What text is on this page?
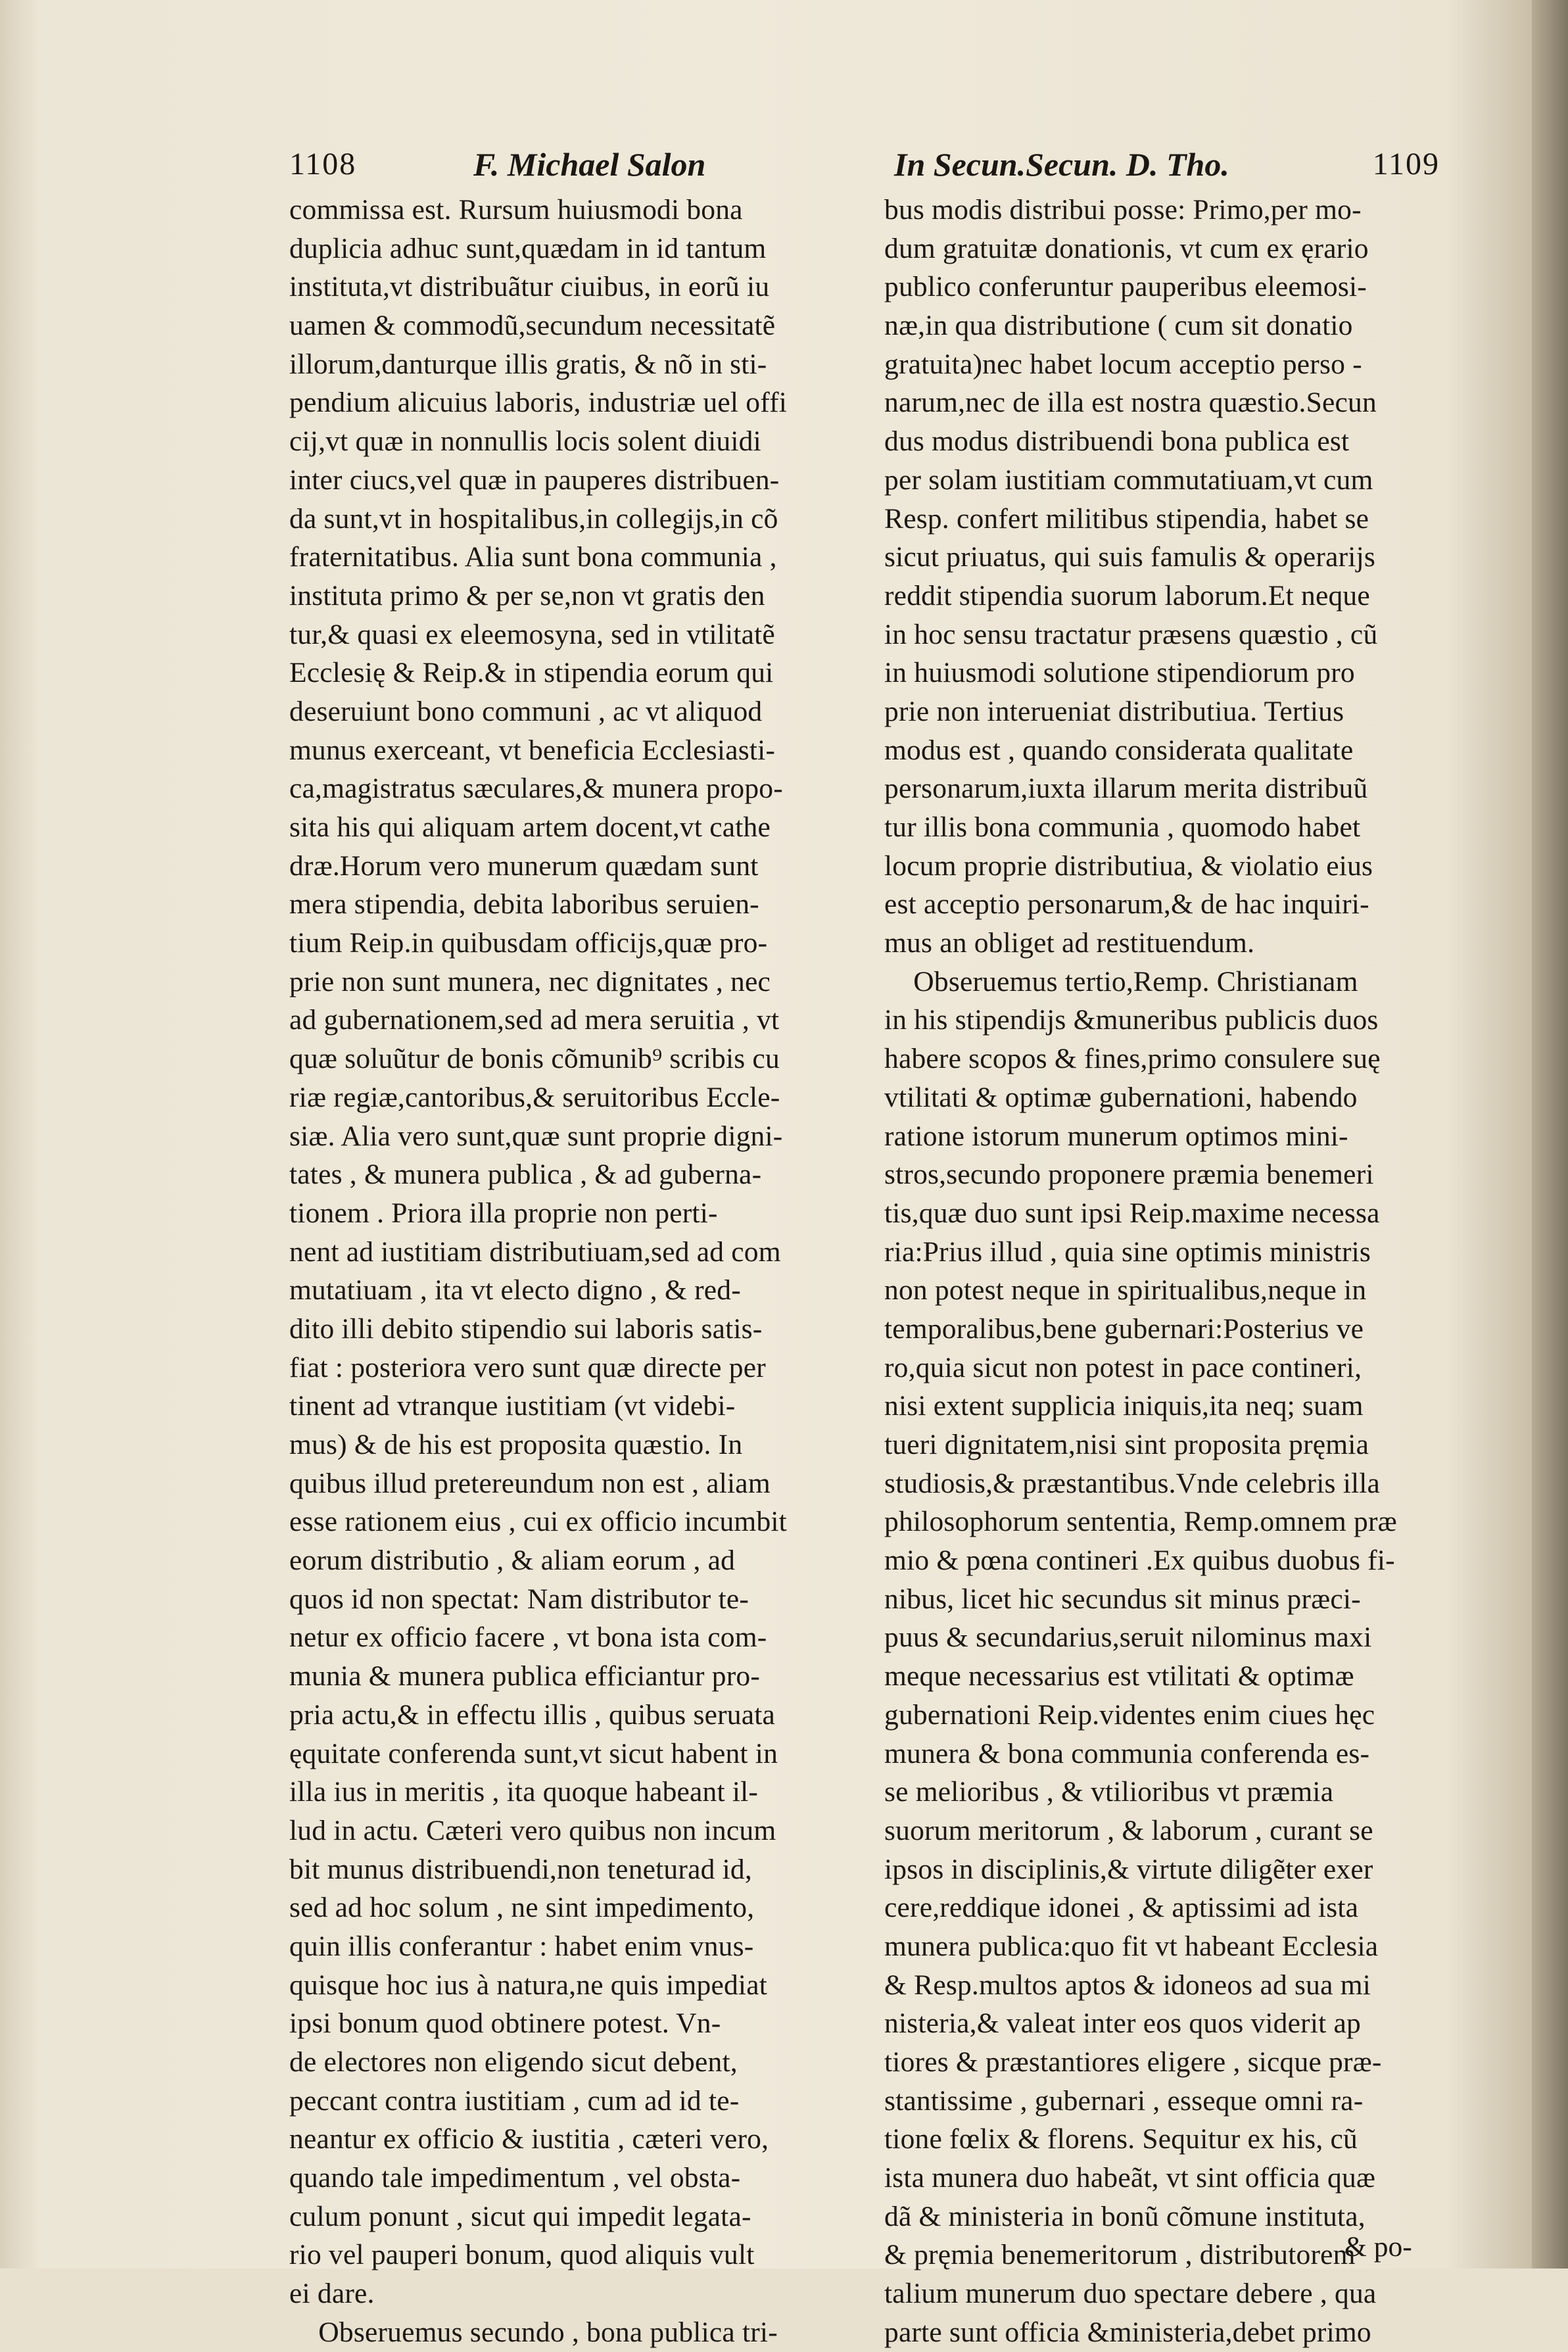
1108	F. Michael Salon	In Secun.Secun. D. Tho.	1109
commissa est. Rursum huiusmodi bona
duplicia adhuc sunt,quædam in id tantum
instituta,vt distribuãtur ciuibus, in eorũ iu
uamen & commodũ,secundum necessitatẽ
illorum,danturque illis gratis, & nõ in sti-
pendium alicuius laboris, industriæ uel offi
cij,vt quæ in nonnullis locis solent diuidi
inter ciucs,vel quæ in pauperes distribuen-
da sunt,vt in hospitalibus,in collegijs,in cõ
fraternitatibus. Alia sunt bona communia ,
instituta primo & per se,non vt gratis den
tur,& quasi ex eleemosyna, sed in vtilitatẽ
Ecclesię & Reip.& in stipendia eorum qui
deseruiunt bono communi , ac vt aliquod
munus exerceant, vt beneficia Ecclesiasti-
ca,magistratus sæculares,& munera propo-
sita his qui aliquam artem docent,vt cathe
dræ.Horum vero munerum quædam sunt
mera stipendia, debita laboribus seruien-
tium Reip.in quibusdam officijs,quæ pro-
prie non sunt munera, nec dignitates , nec
ad gubernationem,sed ad mera seruitia , vt
quæ soluũtur de bonis cõmunib⁹ scribis cu
riæ regiæ,cantoribus,& seruitoribus Eccle-
siæ. Alia vero sunt,quæ sunt proprie digni-
tates , & munera publica , & ad guberna-
tionem . Priora illa proprie non perti-
nent ad iustitiam distributiuam,sed ad com
mutatiuam , ita vt electo digno , & red-
dito illi debito stipendio sui laboris satis-
fiat : posteriora vero sunt quæ directe per
tinent ad vtranque iustitiam (vt videbi-
mus) & de his est proposita quæstio. In
quibus illud pretereundum non est , aliam
esse rationem eius , cui ex officio incumbit
eorum distributio , & aliam eorum , ad
quos id non spectat: Nam distributor te-
netur ex officio facere , vt bona ista com-
munia & munera publica efficiantur pro-
pria actu,& in effectu illis , quibus seruata
ęquitate conferenda sunt,vt sicut habent in
illa ius in meritis , ita quoque habeant il-
lud in actu. Cæteri vero quibus non incum
bit munus distribuendi,non teneturad id,
sed ad hoc solum , ne sint impedimento,
quin illis conferantur : habet enim vnus-
quisque hoc ius à natura,ne quis impediat
ipsi bonum quod obtinere potest. Vn-
de electores non eligendo sicut debent,
peccant contra iustitiam , cum ad id te-
neantur ex officio & iustitia , cæteri vero,
quando tale impedimentum , vel obsta-
culum ponunt , sicut qui impedit legata-
rio vel pauperi bonum, quod aliquis vult
ei dare.
Obseruemus secundo , bona publica tri-
bus modis distribui posse: Primo,per mo-
dum gratuitæ donationis, vt cum ex ęrario
publico conferuntur pauperibus eleemosi-
næ,in qua distributione ( cum sit donatio
gratuita)nec habet locum acceptio perso -
narum,nec de illa est nostra quæstio.Secun
dus modus distribuendi bona publica est
per solam iustitiam commutatiuam,vt cum
Resp. confert militibus stipendia, habet se
sicut priuatus, qui suis famulis & operarijs
reddit stipendia suorum laborum.Et neque
in hoc sensu tractatur præsens quæstio , cũ
in huiusmodi solutione stipendiorum pro
prie non interueniat distributiua. Tertius
modus est , quando considerata qualitate
personarum,iuxta illarum merita distribuũ
tur illis bona communia , quomodo habet
locum proprie distributiua, & violatio eius
est acceptio personarum,& de hac inquiri-
mus an obliget ad restituendum.
Obseruemus tertio,Remp. Christianam
in his stipendijs &muneribus publicis duos
habere scopos & fines,primo consulere suę
vtilitati & optimæ gubernationi, habendo
ratione istorum munerum optimos mini-
stros,secundo proponere præmia benemeri
tis,quæ duo sunt ipsi Reip.maxime necessa
ria:Prius illud , quia sine optimis ministris
non potest neque in spiritualibus,neque in
temporalibus,bene gubernari:Posterius ve
ro,quia sicut non potest in pace contineri,
nisi extent supplicia iniquis,ita neq; suam
tueri dignitatem,nisi sint proposita pręmia
studiosis,& præstantibus.Vnde celebris illa
philosophorum sententia, Remp.omnem præ
mio & pœna contineri .Ex quibus duobus fi-
nibus, licet hic secundus sit minus præci-
puus & secundarius,seruit nilominus maxi
meque necessarius est vtilitati & optimæ
gubernationi Reip.videntes enim ciues hęc
munera & bona communia conferenda es-
se melioribus , & vtilioribus vt præmia
suorum meritorum , & laborum , curant se
ipsos in disciplinis,& virtute diligẽter exer
cere,reddique idonei , & aptissimi ad ista
munera publica:quo fit vt habeant Ecclesia
& Resp.multos aptos & idoneos ad sua mi
nisteria,& valeat inter eos quos viderit ap
tiores & præstantiores eligere , sicque præ-
stantissime , gubernari , esseque omni ra-
tione fœlix & florens. Sequitur ex his, cũ
ista munera duo habeãt, vt sint officia quæ
dã & ministeria in bonũ cõmune instituta,
& pręmia benemeritorum , distributorem
talium munerum duo spectare debere , qua
parte sunt officia &ministeria,debet primo
& po-
